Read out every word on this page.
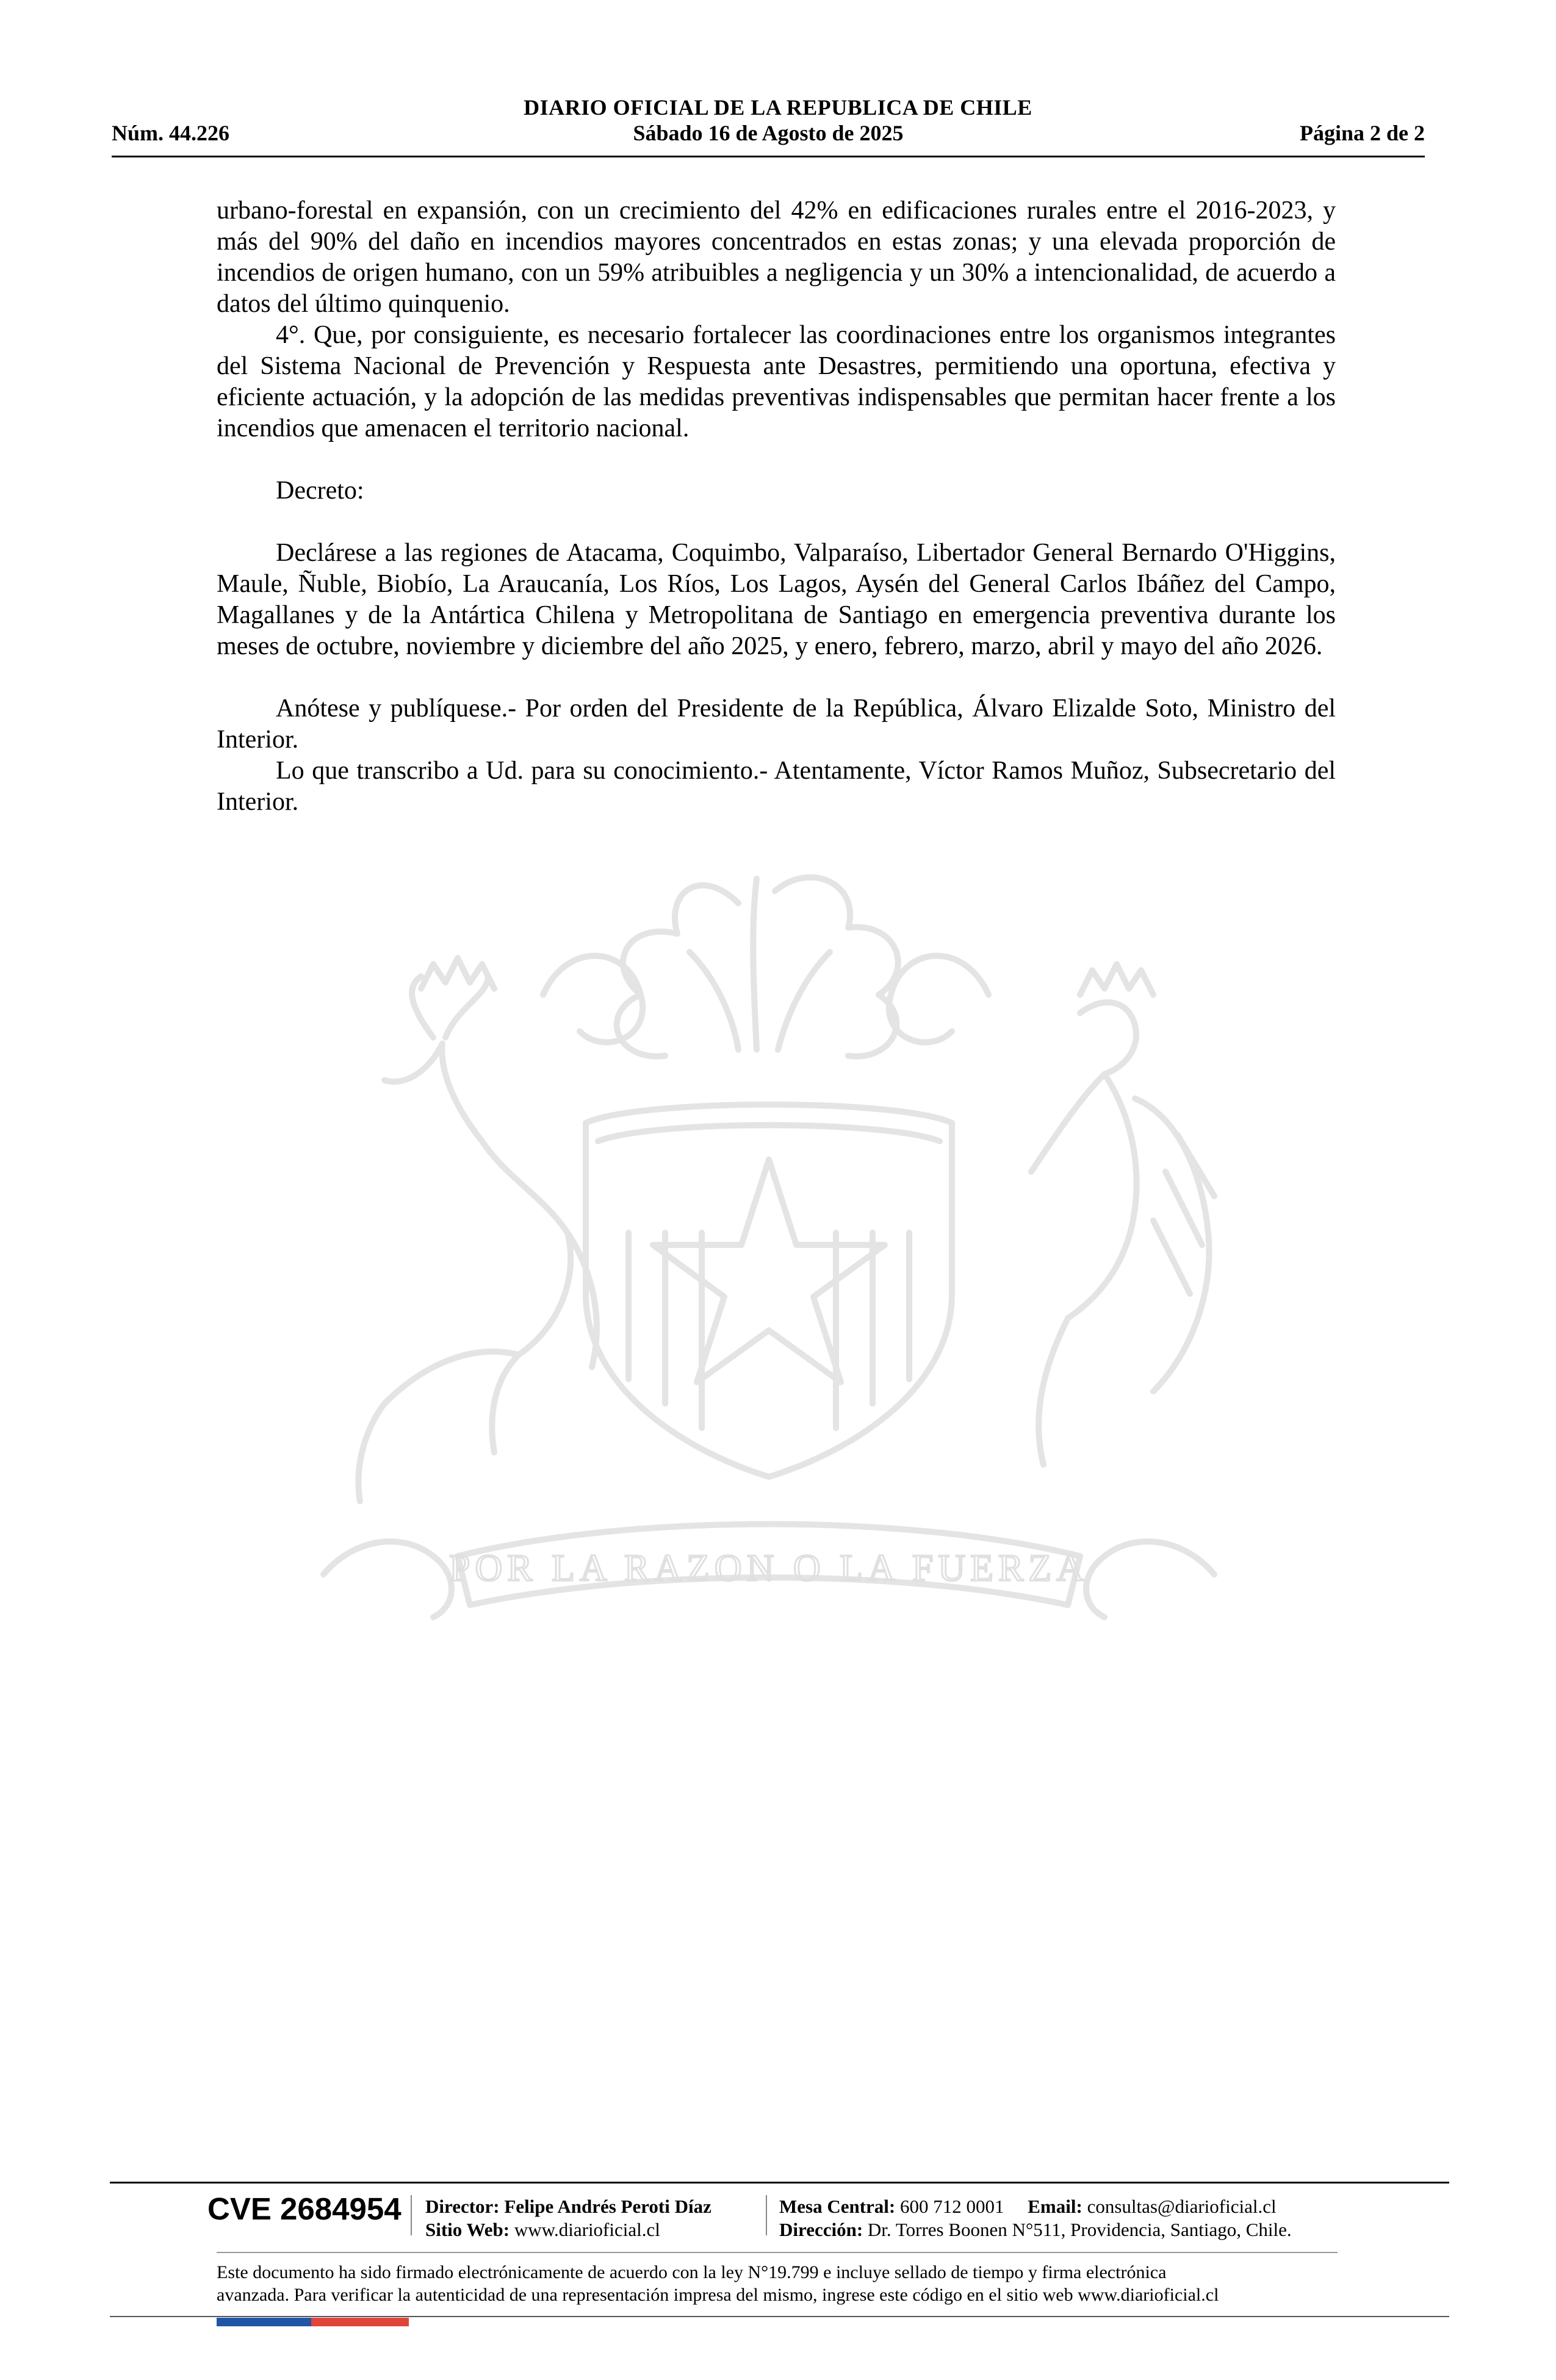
DIARIO OFICIAL DE LA REPUBLICA DE CHILE
Núm. 44.226	Sábado 16 de Agosto de 2025	Página 2 de 2

urbano-forestal en expansión, con un crecimiento del 42% en edificaciones rurales entre el 2016-2023, y más del 90% del daño en incendios mayores concentrados en estas zonas; y una elevada proporción de incendios de origen humano, con un 59% atribuibles a negligencia y un 30% a intencionalidad, de acuerdo a datos del último quinquenio.

4°. Que, por consiguiente, es necesario fortalecer las coordinaciones entre los organismos integrantes del Sistema Nacional de Prevención y Respuesta ante Desastres, permitiendo una oportuna, efectiva y eficiente actuación, y la adopción de las medidas preventivas indispensables que permitan hacer frente a los incendios que amenacen el territorio nacional.

Decreto:

Declárese a las regiones de Atacama, Coquimbo, Valparaíso, Libertador General Bernardo O'Higgins, Maule, Ñuble, Biobío, La Araucanía, Los Ríos, Los Lagos, Aysén del General Carlos Ibáñez del Campo, Magallanes y de la Antártica Chilena y Metropolitana de Santiago en emergencia preventiva durante los meses de octubre, noviembre y diciembre del año 2025, y enero, febrero, marzo, abril y mayo del año 2026.

Anótese y publíquese.- Por orden del Presidente de la República, Álvaro Elizalde Soto, Ministro del Interior.

Lo que transcribo a Ud. para su conocimiento.- Atentamente, Víctor Ramos Muñoz, Subsecretario del Interior.

POR LA RAZON O LA FUERZA
CVE 2684954 Director: Felipe Andrés Peroti Díaz
Sitio Web: www.diarioficial.cl
Mesa Central: 600 712 0001 Email: consultas@diarioficial.cl
Dirección: Dr. Torres Boonen N°511, Providencia, Santiago, Chile.
Este documento ha sido firmado electrónicamente de acuerdo con la ley N°19.799 e incluye sellado de tiempo y firma electrónica
avanzada. Para verificar la autenticidad de una representación impresa del mismo, ingrese este código en el sitio web www.diarioficial.cl
